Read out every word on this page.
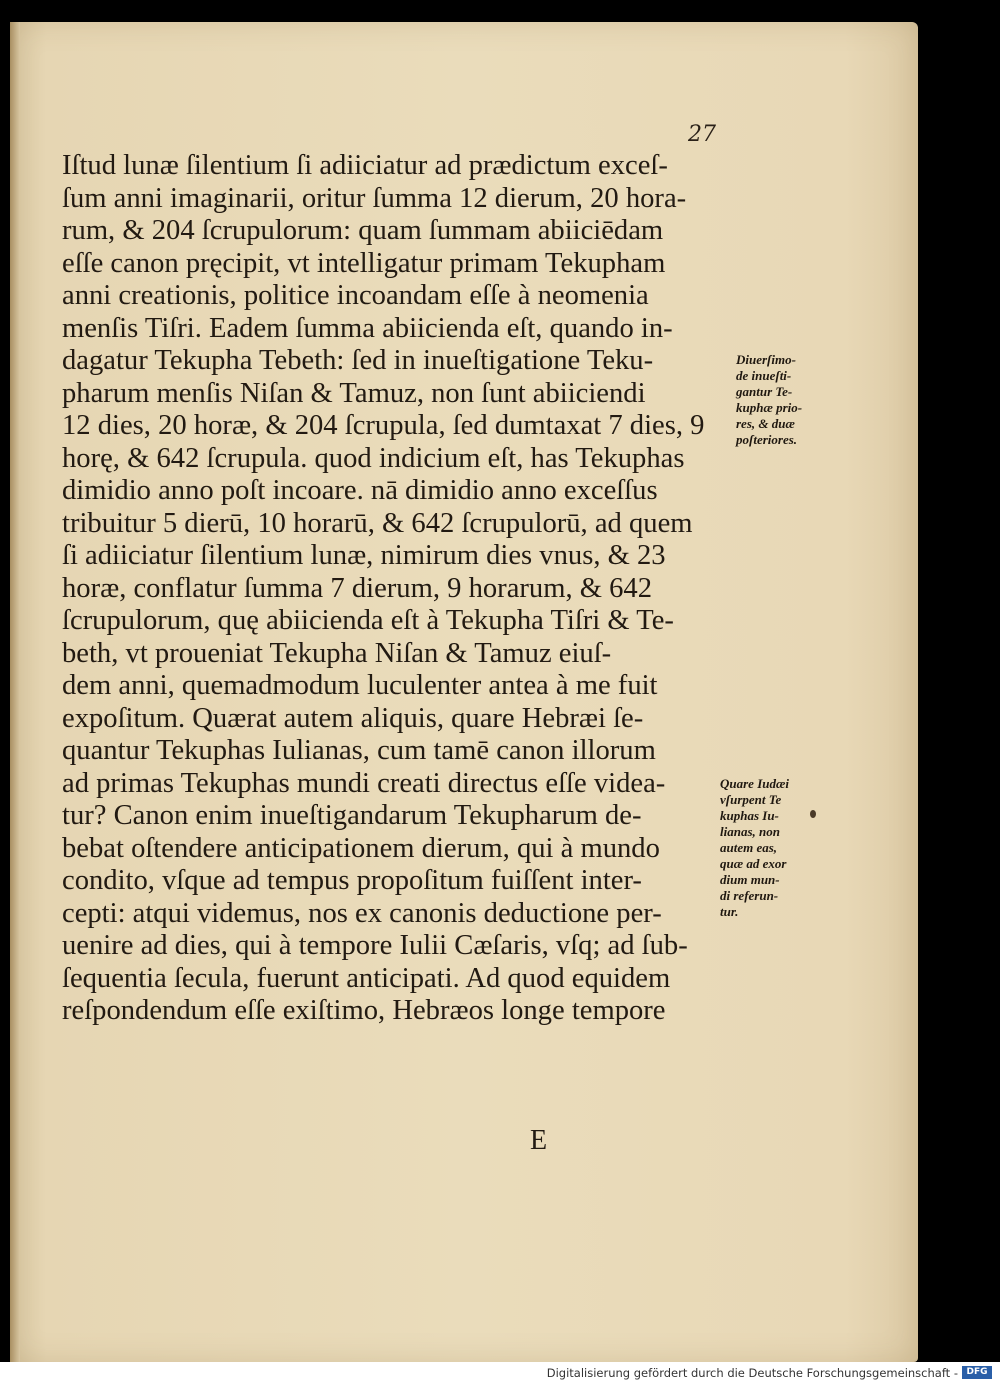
27
Iſtud lunæ ſilentium ſi adiiciatur ad prædictum exceſ-
ſum anni imaginarii, oritur ſumma 12 dierum, 20 hora-
rum, & 204 ſcrupulorum: quam ſummam abiiciēdam
eſſe canon pręcipit, vt intelligatur primam Tekupham
anni creationis, politice incoandam eſſe à neomenia
menſis Tiſri. Eadem ſumma abiicienda eſt, quando in-
dagatur Tekupha Tebeth: ſed in inueſtigatione Teku-
pharum menſis Niſan & Tamuz, non ſunt abiiciendi
12 dies, 20 horæ, & 204 ſcrupula, ſed dumtaxat 7 dies, 9
horę, & 642 ſcrupula. quod indicium eſt, has Tekuphas
dimidio anno poſt incoare. nā dimidio anno exceſſus
tribuitur 5 dierū, 10 horarū, & 642 ſcrupulorū, ad quem
ſi adiiciatur ſilentium lunæ, nimirum dies vnus, & 23
horæ, conflatur ſumma 7 dierum, 9 horarum, & 642
ſcrupulorum, quę abiicienda eſt à Tekupha Tiſri & Te-
beth, vt proueniat Tekupha Niſan & Tamuz eiuſ-
dem anni, quemadmodum luculenter antea à me fuit
expoſitum. Quærat autem aliquis, quare Hebræi ſe-
quantur Tekuphas Iulianas, cum tamē canon illorum
ad primas Tekuphas mundi creati directus eſſe videa-
tur? Canon enim inueſtigandarum Tekupharum de-
bebat oſtendere anticipationem dierum, qui à mundo
condito, vſque ad tempus propoſitum fuiſſent inter-
cepti: atqui videmus, nos ex canonis deductione per-
uenire ad dies, qui à tempore Iulii Cæſaris, vſq; ad ſub-
ſequentia ſecula, fuerunt anticipati. Ad quod equidem
reſpondendum eſſe exiſtimo, Hebræos longe tempore
Diuerſimo-
de inueſti-
gantur Te-
kuphæ prio-
res, & duæ
poſteriores.
Quare Iudæi
vſurpent Te
kuphas Iu-
lianas, non
autem eas,
quæ ad exor
dium mun-
di referun-
tur.
E
Digitalisierung gefördert durch die Deutsche Forschungsgemeinschaft - DFG
